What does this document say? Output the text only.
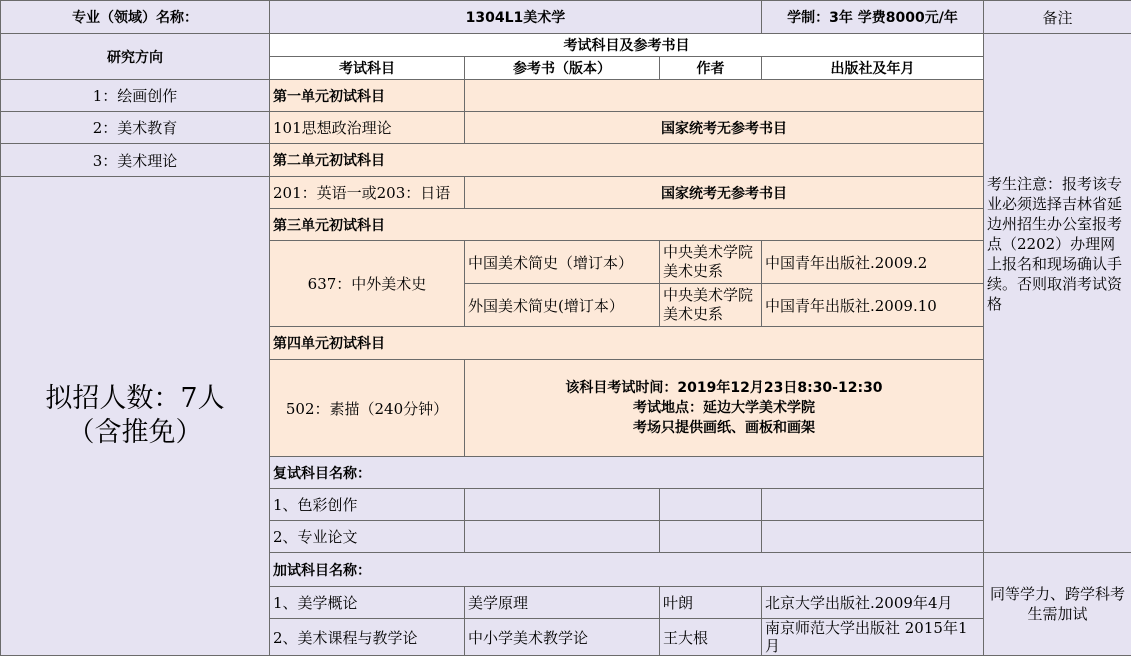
专业（领域）名称：	1304L1美术学			学制：3年 学费8000元/年	备注
研究方向	考试科目及参考书目				考生注意：报考该专业必须选择吉林省延边州招生办公室报考点（2202）办理网上报名和现场确认手续。否则取消考试资格

	考试科目	参考书（版本）	作者	出版社及年月	
1：绘画创作	第一单元初试科目				
2：美术教育	101思想政治理论	国家统考无参考书目			
3：美术理论	第二单元初试科目				

拟招人数：7人
（含推免）	201：英语一或203：日语	国家统考无参考书目			
	第三单元初试科目				
	637：中外美术史	中国美术简史（增订本）	中央美术学院美术史系	中国青年出版社.2009.2	
		外国美术简史(增订本）	中央美术学院美术史系	中国青年出版社.2009.10	
	第四单元初试科目				
	502：素描（240分钟）	该科目考试时间：2019年12月23日8:30-12:30
考试地点：延边大学美术学院
考场只提供画纸、画板和画架			

	复试科目名称：				
	1、色彩创作				
	2、专业论文				
	加试科目名称：				同等学力、跨学科考生需加试
	1、美学概论	美学原理	叶朗	北京大学出版社.2009年4月	
	2、美术课程与教学论	中小学美术教学论	王大根	南京师范大学出版社 2015年1月	
